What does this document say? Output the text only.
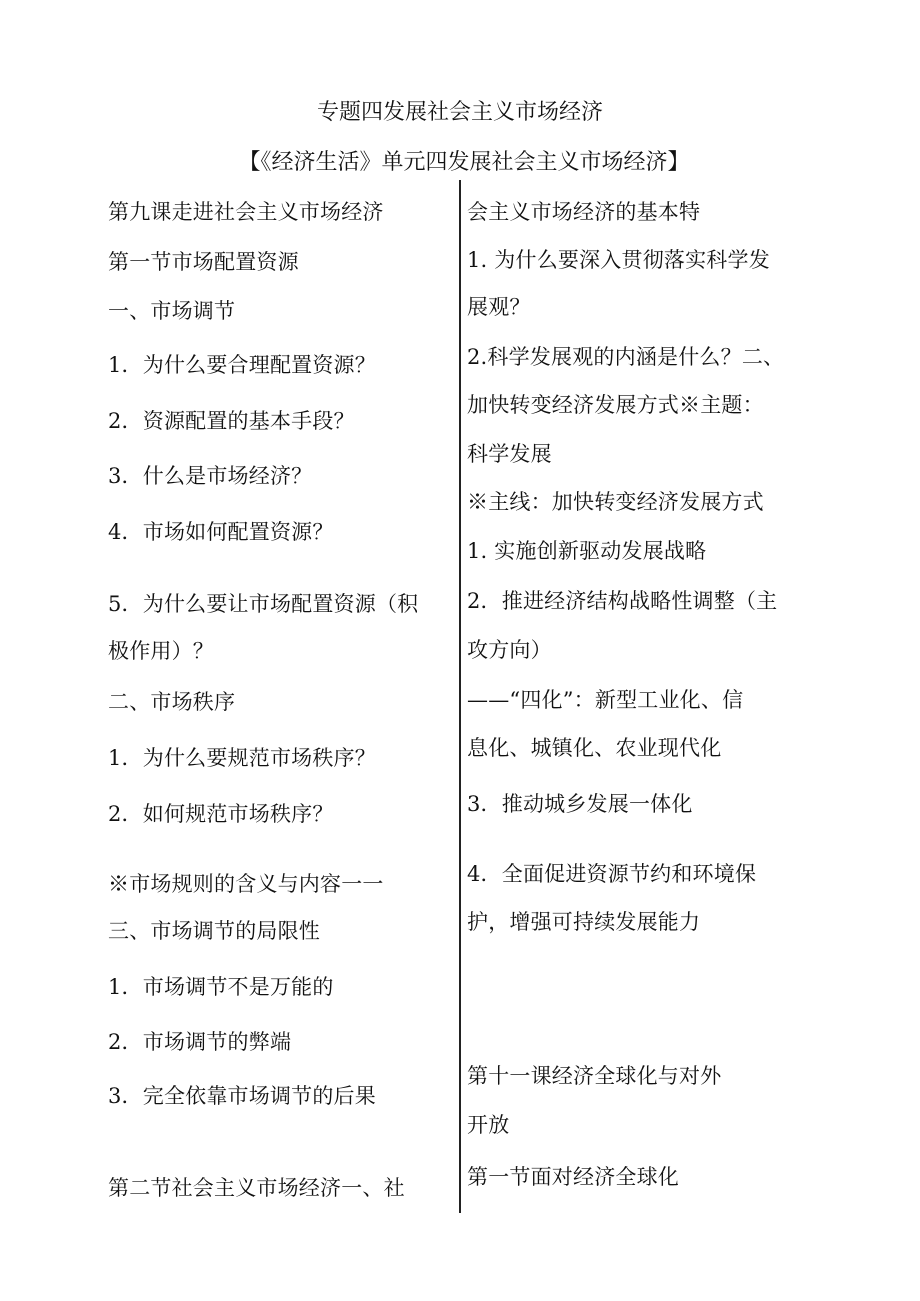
专题四发展社会主义市场经济
【《经济生活》单元四发展社会主义市场经济】
第九课走进社会主义市场经济
第一节市场配置资源
一、市场调节
1．为什么要合理配置资源？
2．资源配置的基本手段？
3．什么是市场经济？
4．市场如何配置资源？
5．为什么要让市场配置资源（积
极作用）？
二、市场秩序
1．为什么要规范市场秩序？
2．如何规范市场秩序？
※市场规则的含义与内容一一
三、市场调节的局限性
1．市场调节不是万能的
2．市场调节的弊端
3．完全依靠市场调节的后果
第二节社会主义市场经济一、社
会主义市场经济的基本特
1. 为什么要深入贯彻落实科学发
展观？
2.科学发展观的内涵是什么？二、
加快转变经济发展方式※主题：
科学发展
※主线：加快转变经济发展方式
1. 实施创新驱动发展战略
2．推进经济结构战略性调整（主
攻方向）
——“四化”：新型工业化、信
息化、城镇化、农业现代化
3．推动城乡发展一体化
4．全面促进资源节约和环境保
护，增强可持续发展能力
第十一课经济全球化与对外
开放
第一节面对经济全球化
